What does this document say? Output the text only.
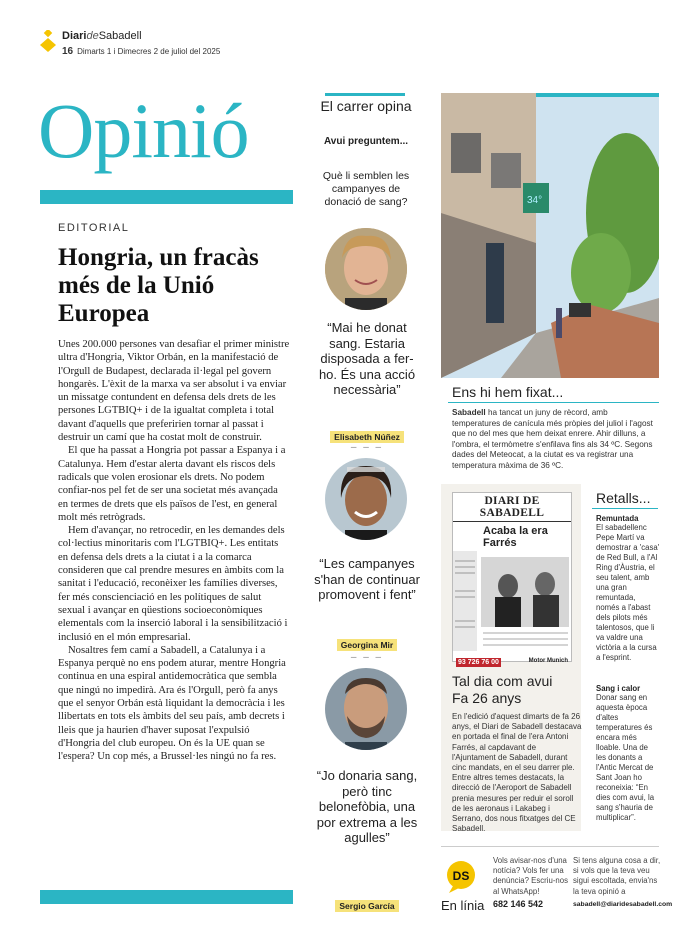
DiarideSabadell
16 Dimarts 1 i Dimecres 2 de juliol del 2025
Opinió
EDITORIAL
Hongria, un fracàs més de la Unió Europea

Unes 200.000 persones van desafiar el primer ministre ultra d'Hongria, Viktor Orbán, en la manifestació de l'Orgull de Budapest, declarada il·legal pel govern hongarès. L'èxit de la marxa va ser absolut i va enviar un missatge contundent en defensa dels drets de les persones LGTBIQ+ i de la igualtat completa i total davant d'aquells que preferirien tornar al passat i destruir un camí que ha costat molt de construir.

El que ha passat a Hongria pot passar a Espanya i a Catalunya. Hem d'estar alerta davant els riscos dels radicals que volen erosionar els drets. No podem confiar-nos pel fet de ser una societat més avançada en termes de drets que els països de l'est, en general molt més retrògrads.

Hem d'avançar, no retrocedir, en les demandes dels col·lectius minoritaris com l'LGTBIQ+. Les entitats en defensa dels drets a la ciutat i a la comarca consideren que cal prendre mesures en àmbits com la sanitat i l'educació, reconèixer les famílies diverses, fer més conscienciació en les polítiques de salut sexual i avançar en qüestions socioeconòmiques elementals com la inserció laboral i la sensibilització i inclusió en el món empresarial.

Nosaltres fem camí a Sabadell, a Catalunya i a Espanya perquè no ens podem aturar, mentre Hongria continua en una espiral antidemocràtica que sembla que ningú no impedirà. Ara és l'Orgull, però fa anys que el senyor Orbán està liquidant la democràcia i les llibertats en tots els àmbits del seu país, amb decrets i lleis que ja haurien d'haver suposat l'expulsió d'Hongria del club europeu. On és la UE quan se l'espera? Un cop més, a Brussel·les ningú no fa res.

El carrer opina
Avui preguntem...
Què li semblen les campanyes de donació de sang?
“Mai he donat sang. Estaria disposada a fer-ho. És una acció necessària”
Elisabeth Núñez
– – –
“Les campanyes s'han de continuar promovent i fent”
Georgina Mir
– – –
“Jo donaria sang, però tinc belonefòbia, una por extrema a les agulles”
Sergio García
34°
Ens hi hem fixat...
Sabadell ha tancat un juny de rècord, amb temperatures de canícula més pròpies del juliol i l'agost que no del mes que hem deixat enrere. Ahir dilluns, a l'ombra, el termòmetre s'enfilava fins als 34 ºC. Segons dades del Meteocat, a la ciutat es va registrar una temperatura màxima de 36 ºC.
DIARI DE SABADELL
Acaba la era Farrés
93 726 76 00	Motor Munich
Tal dia com avui
Fa 26 anys
En l'edició d'aquest dimarts de fa 26 anys, el Diari de Sabadell destacava en portada el final de l'era Antoni Farrés, al capdavant de l'Ajuntament de Sabadell, durant cinc mandats, en el seu darrer ple. Entre altres temes destacats, la direcció de l'Aeroport de Sabadell prenia mesures per reduir el soroll de les aeronaus i Lakabeg i Serrano, dos nous fitxatges del CE Sabadell.
Retalls...
Remuntada
El sabadellenc Pepe Martí va demostrar a 'casa' de Red Bull, a l'Al Ring d'Àustria, el seu talent, amb una gran remuntada, només a l'abast dels pilots més talentosos, que li va valdre una victòria a la cursa a l'esprint.
Sang i calor
Donar sang en aquesta època d'altes temperatures és encara més lloable. Una de les donants a l'Antic Mercat de Sant Joan ho reconeixia: “En dies com avui, la sang s'hauria de multiplicar”.
DS
En línia
Vols avisar-nos d'una notícia? Vols fer una denúncia? Escriu-nos al WhatsApp!
682 146 542
Si tens alguna cosa a dir, si vols que la teva veu sigui escoltada, envia'ns la teva opinió a
sabadell@diaridesabadell.com
